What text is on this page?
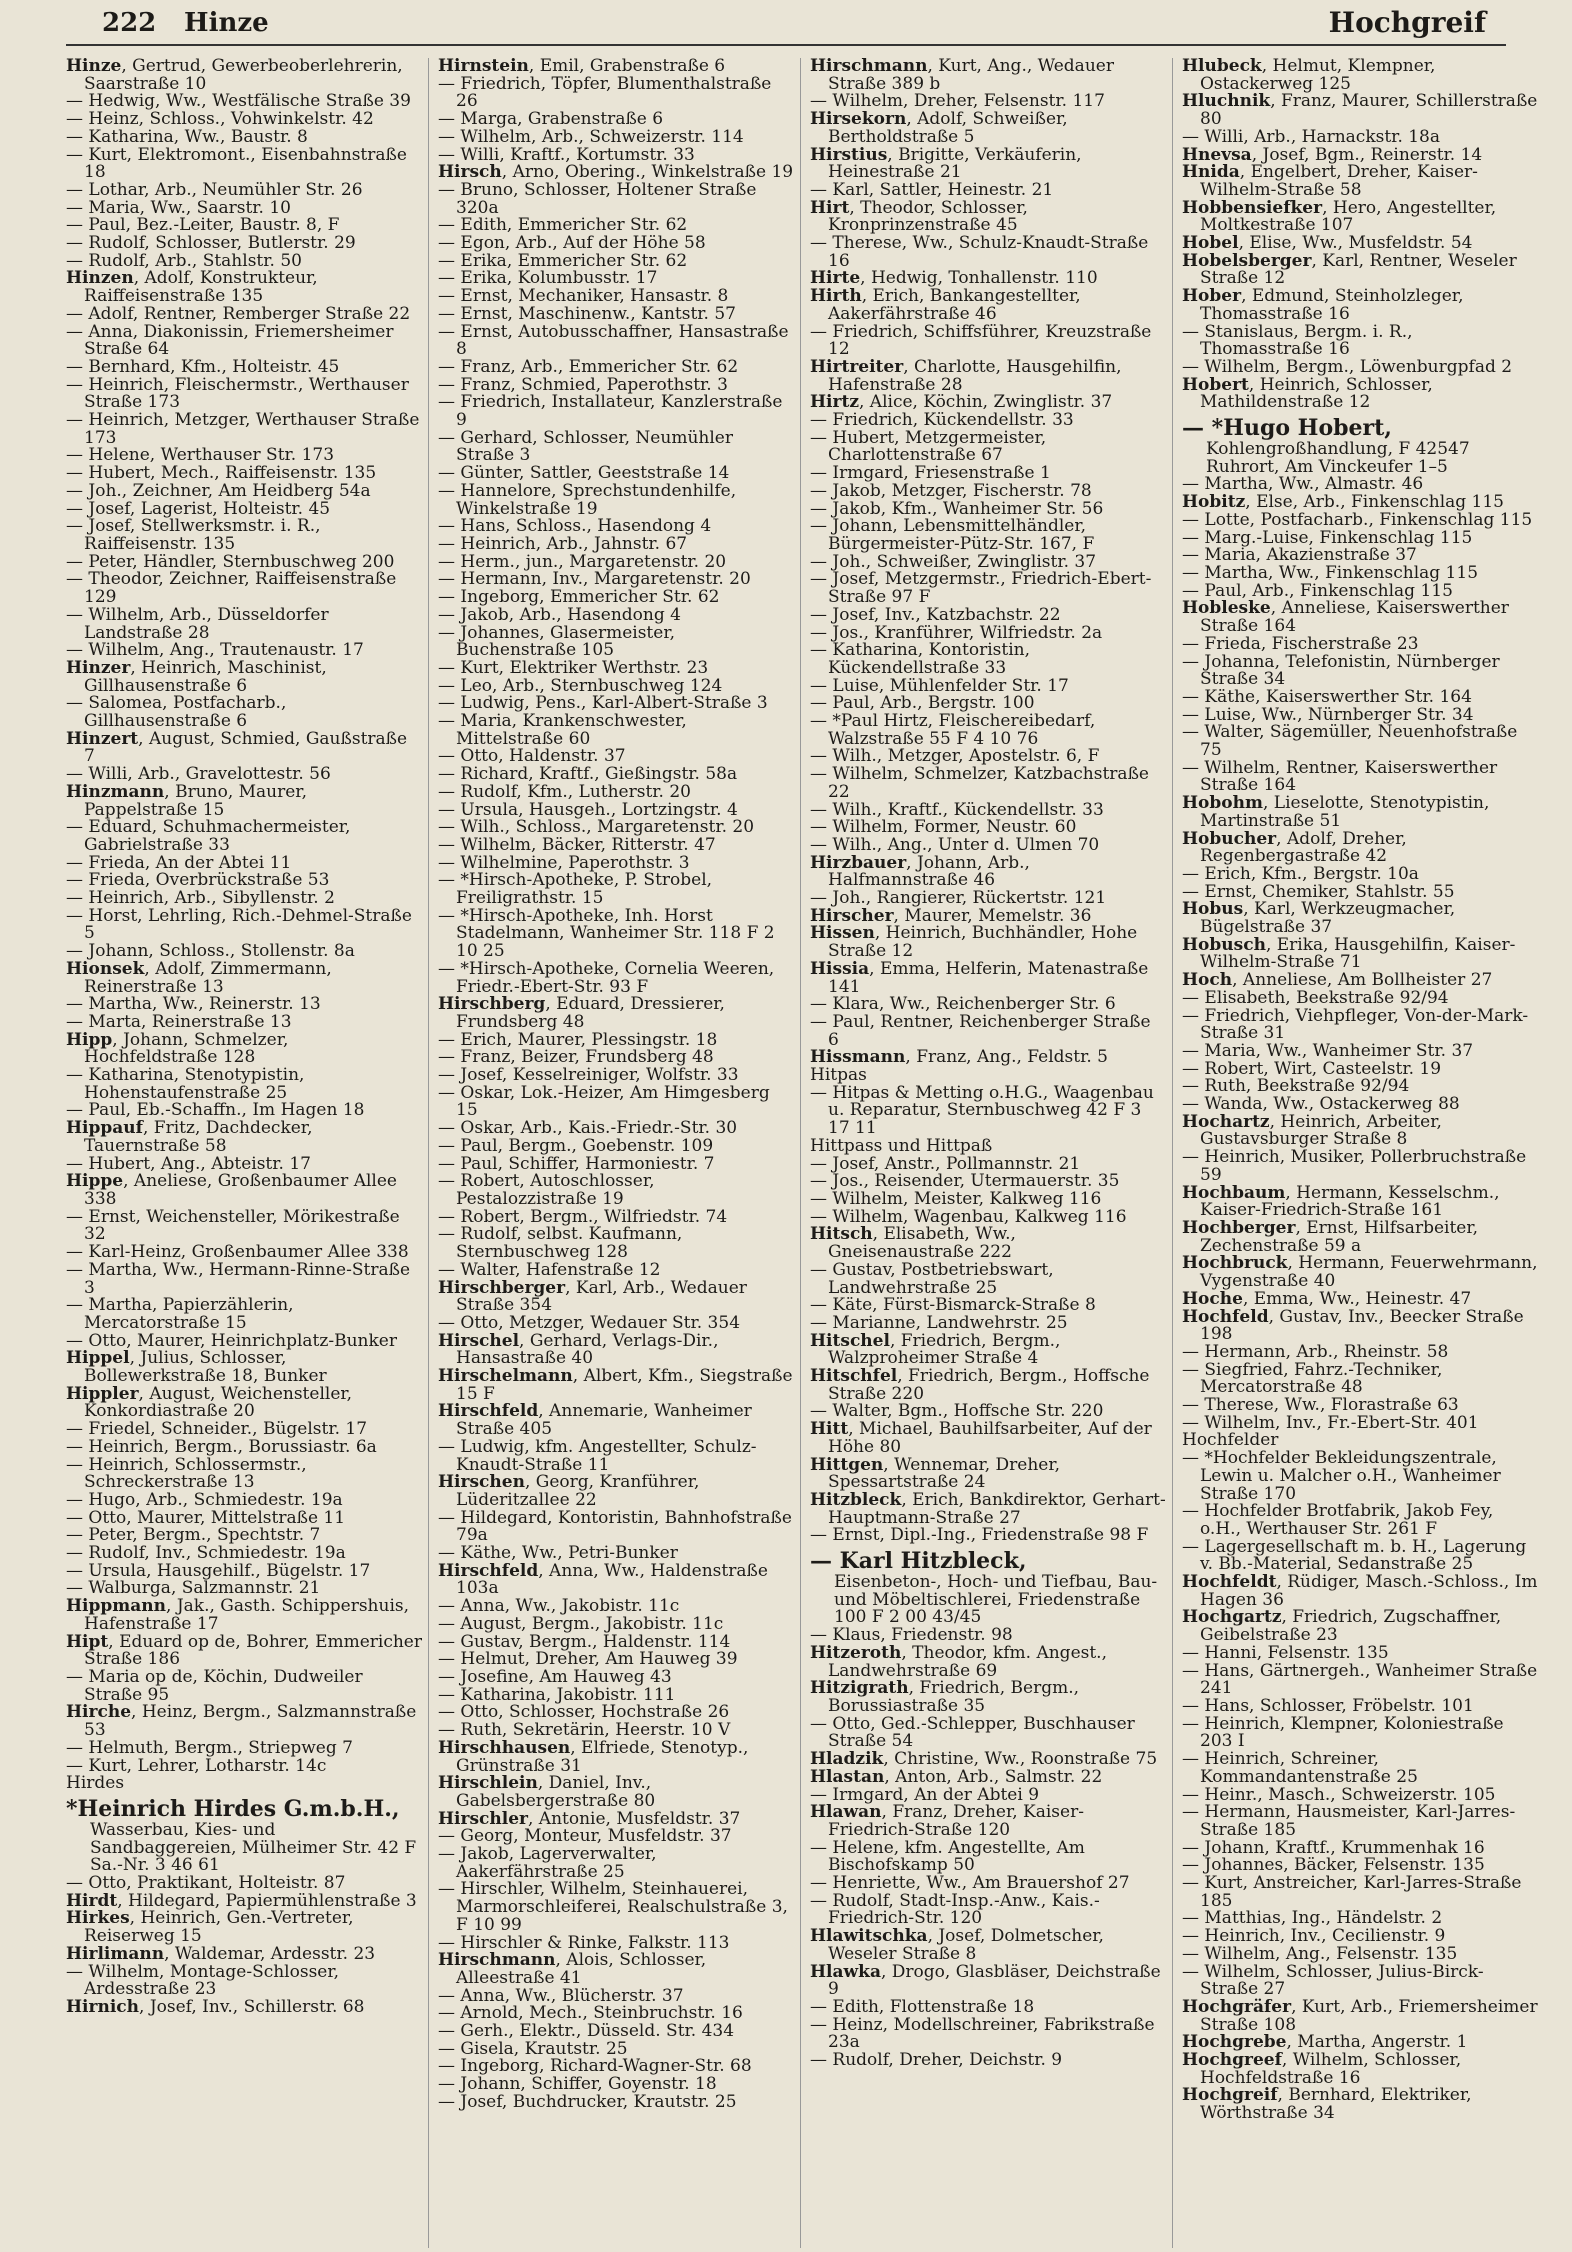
222 Hinze	Hochgreif

Hinze, Gertrud, Gewerbeoberlehrerin, Saarstraße 10

— Hedwig, Ww., Westfälische Straße 39

— Heinz, Schloss., Vohwinkelstr. 42

— Katharina, Ww., Baustr. 8

— Kurt, Elektromont., Eisenbahnstraße 18

— Lothar, Arb., Neumühler Str. 26

— Maria, Ww., Saarstr. 10

— Paul, Bez.-Leiter, Baustr. 8, F

— Rudolf, Schlosser, Butlerstr. 29

— Rudolf, Arb., Stahlstr. 50

Hinzen, Adolf, Konstrukteur, Raiffeisenstraße 135

— Adolf, Rentner, Remberger Straße 22

— Anna, Diakonissin, Friemersheimer Straße 64

— Bernhard, Kfm., Holteistr. 45

— Heinrich, Fleischermstr., Werthauser Straße 173

— Heinrich, Metzger, Werthauser Straße 173

— Helene, Werthauser Str. 173

— Hubert, Mech., Raiffeisenstr. 135

— Joh., Zeichner, Am Heidberg 54a

— Josef, Lagerist, Holteistr. 45

— Josef, Stellwerksmstr. i. R., Raiffeisenstr. 135

— Peter, Händler, Sternbuschweg 200

— Theodor, Zeichner, Raiffeisenstraße 129

— Wilhelm, Arb., Düsseldorfer Landstraße 28

— Wilhelm, Ang., Trautenaustr. 17

Hinzer, Heinrich, Maschinist, Gillhausenstraße 6

— Salomea, Postfacharb., Gillhausenstraße 6

Hinzert, August, Schmied, Gaußstraße 7

— Willi, Arb., Gravelottestr. 56

Hinzmann, Bruno, Maurer, Pappelstraße 15

— Eduard, Schuhmachermeister, Gabrielstraße 33

— Frieda, An der Abtei 11

— Frieda, Overbrückstraße 53

— Heinrich, Arb., Sibyllenstr. 2

— Horst, Lehrling, Rich.-Dehmel-Straße 5

— Johann, Schloss., Stollenstr. 8a

Hionsek, Adolf, Zimmermann, Reinerstraße 13

— Martha, Ww., Reinerstr. 13

— Marta, Reinerstraße 13

Hipp, Johann, Schmelzer, Hochfeldstraße 128

— Katharina, Stenotypistin, Hohenstaufenstraße 25

— Paul, Eb.-Schaffn., Im Hagen 18

Hippauf, Fritz, Dachdecker, Tauernstraße 58

— Hubert, Ang., Abteistr. 17

Hippe, Aneliese, Großenbaumer Allee 338

— Ernst, Weichensteller, Mörikestraße 32

— Karl-Heinz, Großenbaumer Allee 338

— Martha, Ww., Hermann-Rinne-Straße 3

— Martha, Papierzählerin, Mercatorstraße 15

— Otto, Maurer, Heinrichplatz-Bunker

Hippel, Julius, Schlosser, Bollewerkstraße 18, Bunker

Hippler, August, Weichensteller, Konkordiastraße 20

— Friedel, Schneider., Bügelstr. 17

— Heinrich, Bergm., Borussiastr. 6a

— Heinrich, Schlossermstr., Schreckerstraße 13

— Hugo, Arb., Schmiedestr. 19a

— Otto, Maurer, Mittelstraße 11

— Peter, Bergm., Spechtstr. 7

— Rudolf, Inv., Schmiedestr. 19a

— Ursula, Hausgehilf., Bügelstr. 17

— Walburga, Salzmannstr. 21

Hippmann, Jak., Gasth. Schippershuis, Hafenstraße 17

Hipt, Eduard op de, Bohrer, Emmericher Straße 186

— Maria op de, Köchin, Dudweiler Straße 95

Hirche, Heinz, Bergm., Salzmannstraße 53

— Helmuth, Bergm., Striepweg 7

— Kurt, Lehrer, Lotharstr. 14c

Hirdes

*Heinrich Hirdes G.m.b.H.,

Wasserbau, Kies- und Sandbaggereien, Mülheimer Str. 42 F Sa.-Nr. 3 46 61

— Otto, Praktikant, Holteistr. 87

Hirdt, Hildegard, Papiermühlenstraße 3

Hirkes, Heinrich, Gen.-Vertreter, Reiserweg 15

Hirlimann, Waldemar, Ardesstr. 23

— Wilhelm, Montage-Schlosser, Ardesstraße 23

Hirnich, Josef, Inv., Schillerstr. 68

Hirnstein, Emil, Grabenstraße 6

— Friedrich, Töpfer, Blumenthalstraße 26

— Marga, Grabenstraße 6

— Wilhelm, Arb., Schweizerstr. 114

— Willi, Kraftf., Kortumstr. 33

Hirsch, Arno, Obering., Winkelstraße 19

— Bruno, Schlosser, Holtener Straße 320a

— Edith, Emmericher Str. 62

— Egon, Arb., Auf der Höhe 58

— Erika, Emmericher Str. 62

— Erika, Kolumbusstr. 17

— Ernst, Mechaniker, Hansastr. 8

— Ernst, Maschinenw., Kantstr. 57

— Ernst, Autobusschaffner, Hansastraße 8

— Franz, Arb., Emmericher Str. 62

— Franz, Schmied, Paperothstr. 3

— Friedrich, Installateur, Kanzlerstraße 9

— Gerhard, Schlosser, Neumühler Straße 3

— Günter, Sattler, Geeststraße 14

— Hannelore, Sprechstundenhilfe, Winkelstraße 19

— Hans, Schloss., Hasendong 4

— Heinrich, Arb., Jahnstr. 67

— Herm., jun., Margaretenstr. 20

— Hermann, Inv., Margaretenstr. 20

— Ingeborg, Emmericher Str. 62

— Jakob, Arb., Hasendong 4

— Johannes, Glasermeister, Buchenstraße 105

— Kurt, Elektriker Werthstr. 23

— Leo, Arb., Sternbuschweg 124

— Ludwig, Pens., Karl-Albert-Straße 3

— Maria, Krankenschwester, Mittelstraße 60

— Otto, Haldenstr. 37

— Richard, Kraftf., Gießingstr. 58a

— Rudolf, Kfm., Lutherstr. 20

— Ursula, Hausgeh., Lortzingstr. 4

— Wilh., Schloss., Margaretenstr. 20

— Wilhelm, Bäcker, Ritterstr. 47

— Wilhelmine, Paperothstr. 3

— *Hirsch-Apotheke, P. Strobel, Freiligrathstr. 15

— *Hirsch-Apotheke, Inh. Horst Stadelmann, Wanheimer Str. 118 F 2 10 25

— *Hirsch-Apotheke, Cornelia Weeren, Friedr.-Ebert-Str. 93 F

Hirschberg, Eduard, Dressierer, Frundsberg 48

— Erich, Maurer, Plessingstr. 18

— Franz, Beizer, Frundsberg 48

— Josef, Kesselreiniger, Wolfstr. 33

— Oskar, Lok.-Heizer, Am Himgesberg 15

— Oskar, Arb., Kais.-Friedr.-Str. 30

— Paul, Bergm., Goebenstr. 109

— Paul, Schiffer, Harmoniestr. 7

— Robert, Autoschlosser, Pestalozzistraße 19

— Robert, Bergm., Wilfriedstr. 74

— Rudolf, selbst. Kaufmann, Sternbuschweg 128

— Walter, Hafenstraße 12

Hirschberger, Karl, Arb., Wedauer Straße 354

— Otto, Metzger, Wedauer Str. 354

Hirschel, Gerhard, Verlags-Dir., Hansastraße 40

Hirschelmann, Albert, Kfm., Siegstraße 15 F

Hirschfeld, Annemarie, Wanheimer Straße 405

— Ludwig, kfm. Angestellter, Schulz-Knaudt-Straße 11

Hirschen, Georg, Kranführer, Lüderitzallee 22

— Hildegard, Kontoristin, Bahnhofstraße 79a

— Käthe, Ww., Petri-Bunker

Hirschfeld, Anna, Ww., Haldenstraße 103a

— Anna, Ww., Jakobistr. 11c

— August, Bergm., Jakobistr. 11c

— Gustav, Bergm., Haldenstr. 114

— Helmut, Dreher, Am Hauweg 39

— Josefine, Am Hauweg 43

— Katharina, Jakobistr. 111

— Otto, Schlosser, Hochstraße 26

— Ruth, Sekretärin, Heerstr. 10 V

Hirschhausen, Elfriede, Stenotyp., Grünstraße 31

Hirschlein, Daniel, Inv., Gabelsbergerstraße 80

Hirschler, Antonie, Musfeldstr. 37

— Georg, Monteur, Musfeldstr. 37

— Jakob, Lagerverwalter, Aakerfährstraße 25

— Hirschler, Wilhelm, Steinhauerei, Marmorschleiferei, Realschulstraße 3, F 10 99

— Hirschler & Rinke, Falkstr. 113

Hirschmann, Alois, Schlosser, Alleestraße 41

— Anna, Ww., Blücherstr. 37

— Arnold, Mech., Steinbruchstr. 16

— Gerh., Elektr., Düsseld. Str. 434

— Gisela, Krautstr. 25

— Ingeborg, Richard-Wagner-Str. 68

— Johann, Schiffer, Goyenstr. 18

— Josef, Buchdrucker, Krautstr. 25

Hirschmann, Kurt, Ang., Wedauer Straße 389 b

— Wilhelm, Dreher, Felsenstr. 117

Hirsekorn, Adolf, Schweißer, Bertholdstraße 5

Hirstius, Brigitte, Verkäuferin, Heinestraße 21

— Karl, Sattler, Heinestr. 21

Hirt, Theodor, Schlosser, Kronprinzenstraße 45

— Therese, Ww., Schulz-Knaudt-Straße 16

Hirte, Hedwig, Tonhallenstr. 110

Hirth, Erich, Bankangestellter, Aakerfährstraße 46

— Friedrich, Schiffsführer, Kreuzstraße 12

Hirtreiter, Charlotte, Hausgehilfin, Hafenstraße 28

Hirtz, Alice, Köchin, Zwinglistr. 37

— Friedrich, Kückendellstr. 33

— Hubert, Metzgermeister, Charlottenstraße 67

— Irmgard, Friesenstraße 1

— Jakob, Metzger, Fischerstr. 78

— Jakob, Kfm., Wanheimer Str. 56

— Johann, Lebensmittelhändler, Bürgermeister-Pütz-Str. 167, F

— Joh., Schweißer, Zwinglistr. 37

— Josef, Metzgermstr., Friedrich-Ebert-Straße 97 F

— Josef, Inv., Katzbachstr. 22

— Jos., Kranführer, Wilfriedstr. 2a

— Katharina, Kontoristin, Kückendellstraße 33

— Luise, Mühlenfelder Str. 17

— Paul, Arb., Bergstr. 100

— *Paul Hirtz, Fleischereibedarf, Walzstraße 55 F 4 10 76

— Wilh., Metzger, Apostelstr. 6, F

— Wilhelm, Schmelzer, Katzbachstraße 22

— Wilh., Kraftf., Kückendellstr. 33

— Wilhelm, Former, Neustr. 60

— Wilh., Ang., Unter d. Ulmen 70

Hirzbauer, Johann, Arb., Halfmannstraße 46

— Joh., Rangierer, Rückertstr. 121

Hirscher, Maurer, Memelstr. 36

Hissen, Heinrich, Buchhändler, Hohe Straße 12

Hissia, Emma, Helferin, Matenastraße 141

— Klara, Ww., Reichenberger Str. 6

— Paul, Rentner, Reichenberger Straße 6

Hissmann, Franz, Ang., Feldstr. 5

Hitpas

— Hitpas & Metting o.H.G., Waagenbau u. Reparatur, Sternbuschweg 42 F 3 17 11

Hittpass und Hittpaß

— Josef, Anstr., Pollmannstr. 21

— Jos., Reisender, Utermauerstr. 35

— Wilhelm, Meister, Kalkweg 116

— Wilhelm, Wagenbau, Kalkweg 116

Hitsch, Elisabeth, Ww., Gneisenaustraße 222

— Gustav, Postbetriebswart, Landwehrstraße 25

— Käte, Fürst-Bismarck-Straße 8

— Marianne, Landwehrstr. 25

Hitschel, Friedrich, Bergm., Walzproheimer Straße 4

Hitschfel, Friedrich, Bergm., Hoffsche Straße 220

— Walter, Bgm., Hoffsche Str. 220

Hitt, Michael, Bauhilfsarbeiter, Auf der Höhe 80

Hittgen, Wennemar, Dreher, Spessartstraße 24

Hitzbleck, Erich, Bankdirektor, Gerhart-Hauptmann-Straße 27

— Ernst, Dipl.-Ing., Friedenstraße 98 F

— Karl Hitzbleck,

Eisenbeton-, Hoch- und Tiefbau, Bau- und Möbeltischlerei, Friedenstraße 100 F 2 00 43/45

— Klaus, Friedenstr. 98

Hitzeroth, Theodor, kfm. Angest., Landwehrstraße 69

Hitzigrath, Friedrich, Bergm., Borussiastraße 35

— Otto, Ged.-Schlepper, Buschhauser Straße 54

Hladzik, Christine, Ww., Roonstraße 75

Hlastan, Anton, Arb., Salmstr. 22

— Irmgard, An der Abtei 9

Hlawan, Franz, Dreher, Kaiser-Friedrich-Straße 120

— Helene, kfm. Angestellte, Am Bischofskamp 50

— Henriette, Ww., Am Brauershof 27

— Rudolf, Stadt-Insp.-Anw., Kais.-Friedrich-Str. 120

Hlawitschka, Josef, Dolmetscher, Weseler Straße 8

Hlawka, Drogo, Glasbläser, Deichstraße 9

— Edith, Flottenstraße 18

— Heinz, Modellschreiner, Fabrikstraße 23a

— Rudolf, Dreher, Deichstr. 9

Hlubeck, Helmut, Klempner, Ostackerweg 125

Hluchnik, Franz, Maurer, Schillerstraße 80

— Willi, Arb., Harnackstr. 18a

Hnevsa, Josef, Bgm., Reinerstr. 14

Hnida, Engelbert, Dreher, Kaiser-Wilhelm-Straße 58

Hobbensiefker, Hero, Angestellter, Moltkestraße 107

Hobel, Elise, Ww., Musfeldstr. 54

Hobelsberger, Karl, Rentner, Weseler Straße 12

Hober, Edmund, Steinholzleger, Thomasstraße 16

— Stanislaus, Bergm. i. R., Thomasstraße 16

— Wilhelm, Bergm., Löwenburgpfad 2

Hobert, Heinrich, Schlosser, Mathildenstraße 12

— *Hugo Hobert,

Kohlengroßhandlung, F 42547 Ruhrort, Am Vinckeufer 1–5

— Martha, Ww., Almastr. 46

Hobitz, Else, Arb., Finkenschlag 115

— Lotte, Postfacharb., Finkenschlag 115

— Marg.-Luise, Finkenschlag 115

— Maria, Akazienstraße 37

— Martha, Ww., Finkenschlag 115

— Paul, Arb., Finkenschlag 115

Hobleske, Anneliese, Kaiserswerther Straße 164

— Frieda, Fischerstraße 23

— Johanna, Telefonistin, Nürnberger Straße 34

— Käthe, Kaiserswerther Str. 164

— Luise, Ww., Nürnberger Str. 34

— Walter, Sägemüller, Neuenhofstraße 75

— Wilhelm, Rentner, Kaiserswerther Straße 164

Hobohm, Lieselotte, Stenotypistin, Martinstraße 51

Hobucher, Adolf, Dreher, Regenbergastraße 42

— Erich, Kfm., Bergstr. 10a

— Ernst, Chemiker, Stahlstr. 55

Hobus, Karl, Werkzeugmacher, Bügelstraße 37

Hobusch, Erika, Hausgehilfin, Kaiser-Wilhelm-Straße 71

Hoch, Anneliese, Am Bollheister 27

— Elisabeth, Beekstraße 92/94

— Friedrich, Viehpfleger, Von-der-Mark-Straße 31

— Maria, Ww., Wanheimer Str. 37

— Robert, Wirt, Casteelstr. 19

— Ruth, Beekstraße 92/94

— Wanda, Ww., Ostackerweg 88

Hochartz, Heinrich, Arbeiter, Gustavsburger Straße 8

— Heinrich, Musiker, Pollerbruchstraße 59

Hochbaum, Hermann, Kesselschm., Kaiser-Friedrich-Straße 161

Hochberger, Ernst, Hilfsarbeiter, Zechenstraße 59 a

Hochbruck, Hermann, Feuerwehrmann, Vygenstraße 40

Hoche, Emma, Ww., Heinestr. 47

Hochfeld, Gustav, Inv., Beecker Straße 198

— Hermann, Arb., Rheinstr. 58

— Siegfried, Fahrz.-Techniker, Mercatorstraße 48

— Therese, Ww., Florastraße 63

— Wilhelm, Inv., Fr.-Ebert-Str. 401

Hochfelder

— *Hochfelder Bekleidungszentrale, Lewin u. Malcher o.H., Wanheimer Straße 170

— Hochfelder Brotfabrik, Jakob Fey, o.H., Werthauser Str. 261 F

— Lagergesellschaft m. b. H., Lagerung v. Bb.-Material, Sedanstraße 25

Hochfeldt, Rüdiger, Masch.-Schloss., Im Hagen 36

Hochgartz, Friedrich, Zugschaffner, Geibelstraße 23

— Hanni, Felsenstr. 135

— Hans, Gärtnergeh., Wanheimer Straße 241

— Hans, Schlosser, Fröbelstr. 101

— Heinrich, Klempner, Koloniestraße 203 I

— Heinrich, Schreiner, Kommandantenstraße 25

— Heinr., Masch., Schweizerstr. 105

— Hermann, Hausmeister, Karl-Jarres-Straße 185

— Johann, Kraftf., Krummenhak 16

— Johannes, Bäcker, Felsenstr. 135

— Kurt, Anstreicher, Karl-Jarres-Straße 185

— Matthias, Ing., Händelstr. 2

— Heinrich, Inv., Cecilienstr. 9

— Wilhelm, Ang., Felsenstr. 135

— Wilhelm, Schlosser, Julius-Birck-Straße 27

Hochgräfer, Kurt, Arb., Friemersheimer Straße 108

Hochgrebe, Martha, Angerstr. 1

Hochgreef, Wilhelm, Schlosser, Hochfeldstraße 16

Hochgreif, Bernhard, Elektriker, Wörthstraße 34
